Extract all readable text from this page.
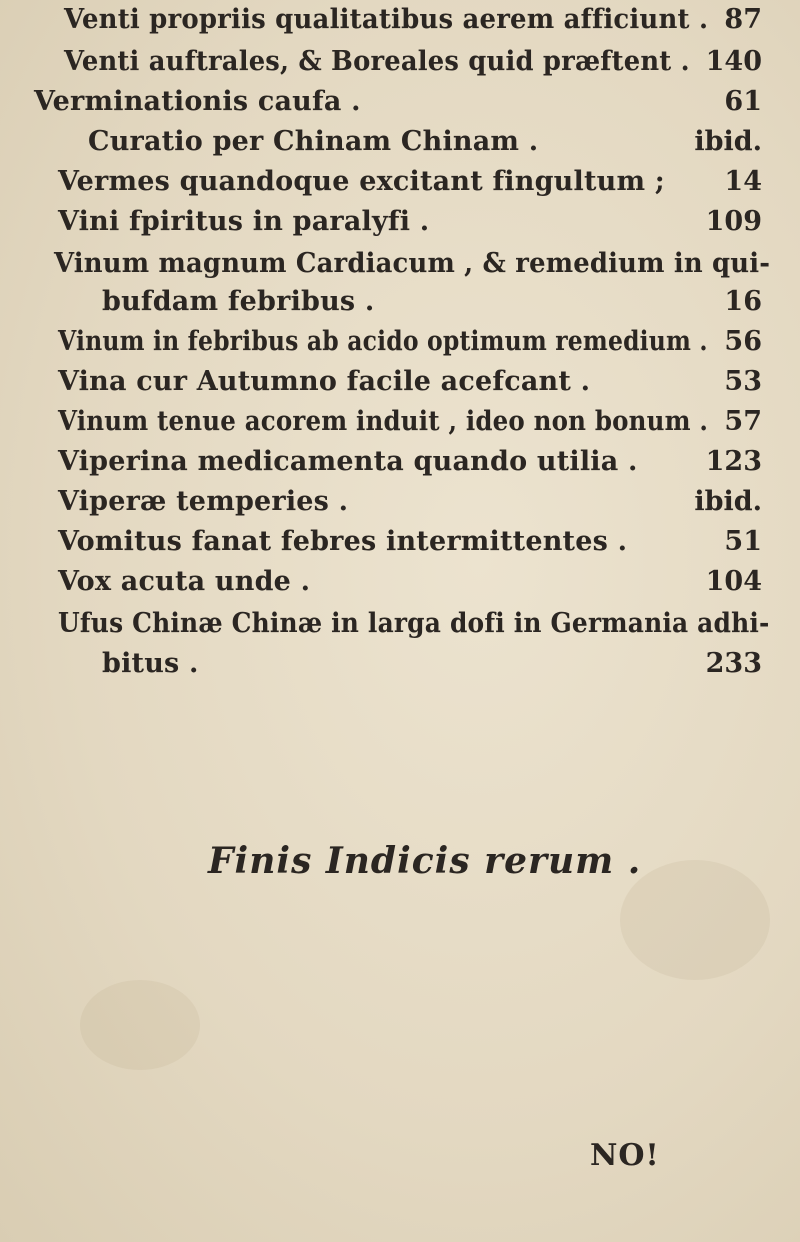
Venti propriis qualitatibus aerem afficiunt . 87
Venti auftrales, & Boreales quid præftent . 140
Verminationis caufa .	61
Curatio per Chinam Chinam .	ibid.
Vermes quandoque excitant fingultum ; 14
Vini fpiritus in paralyfi .	109
Vinum magnum Cardiacum , & remedium in qui-
bufdam febribus .	16
Vinum in febribus ab acido optimum remedium . 56
Vina cur Autumno facile acefcant .	53
Vinum tenue acorem induit , ideo non bonum . 57
Viperina medicamenta quando utilia .	123
Viperæ temperies .	ibid.
Vomitus fanat febres intermittentes .	51
Vox acuta unde .	104
Ufus Chinæ Chinæ in larga dofi in Germania adhi-
bitus .	233
Finis Indicis rerum .
NO!
